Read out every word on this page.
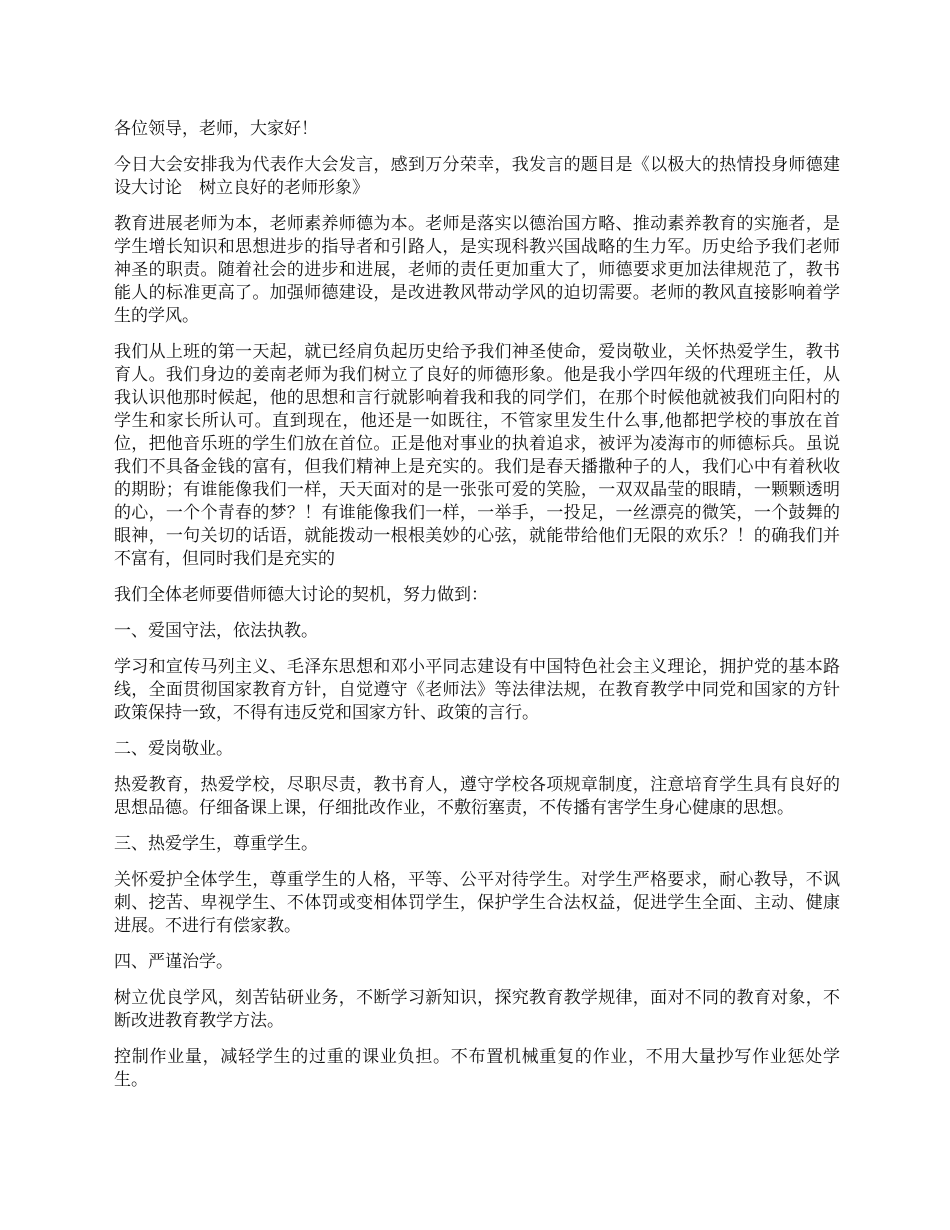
各位领导，老师，大家好！

今日大会安排我为代表作大会发言，感到万分荣幸，我发言的题目是《以极大的热情投身师德建设大讨论　树立良好的老师形象》

教育进展老师为本，老师素养师德为本。老师是落实以德治国方略、推动素养教育的实施者，是学生增长知识和思想进步的指导者和引路人，是实现科教兴国战略的生力军。历史给予我们老师神圣的职责。随着社会的进步和进展，老师的责任更加重大了，师德要求更加法律规范了，教书能人的标准更高了。加强师德建设，是改进教风带动学风的迫切需要。老师的教风直接影响着学生的学风。

我们从上班的第一天起，就已经肩负起历史给予我们神圣使命，爱岗敬业，关怀热爱学生，教书育人。我们身边的姜南老师为我们树立了良好的师德形象。他是我小学四年级的代理班主任，从我认识他那时候起，他的思想和言行就影响着我和我的同学们，在那个时候他就被我们向阳村的学生和家长所认可。直到现在，他还是一如既往，不管家里发生什么事,他都把学校的事放在首位，把他音乐班的学生们放在首位。正是他对事业的执着追求，被评为凌海市的师德标兵。虽说我们不具备金钱的富有，但我们精神上是充实的。我们是春天播撒种子的人，我们心中有着秋收的期盼；有谁能像我们一样，天天面对的是一张张可爱的笑脸，一双双晶莹的眼睛，一颗颗透明的心，一个个青春的梦？！有谁能像我们一样，一举手，一投足，一丝漂亮的微笑，一个鼓舞的眼神，一句关切的话语，就能拨动一根根美妙的心弦，就能带给他们无限的欢乐？！的确我们并不富有，但同时我们是充实的

我们全体老师要借师德大讨论的契机，努力做到：

一、爱国守法，依法执教。

学习和宣传马列主义、毛泽东思想和邓小平同志建设有中国特色社会主义理论，拥护党的基本路线，全面贯彻国家教育方针，自觉遵守《老师法》等法律法规，在教育教学中同党和国家的方针政策保持一致，不得有违反党和国家方针、政策的言行。

二、爱岗敬业。

热爱教育，热爱学校，尽职尽责，教书育人，遵守学校各项规章制度，注意培育学生具有良好的思想品德。仔细备课上课，仔细批改作业，不敷衍塞责，不传播有害学生身心健康的思想。

三、热爱学生，尊重学生。

关怀爱护全体学生，尊重学生的人格，平等、公平对待学生。对学生严格要求，耐心教导，不讽刺、挖苦、卑视学生、不体罚或变相体罚学生，保护学生合法权益，促进学生全面、主动、健康进展。不进行有偿家教。

四、严谨治学。

树立优良学风，刻苦钻研业务，不断学习新知识，探究教育教学规律，面对不同的教育对象，不断改进教育教学方法。

控制作业量，减轻学生的过重的课业负担。不布置机械重复的作业，不用大量抄写作业惩处学生。
